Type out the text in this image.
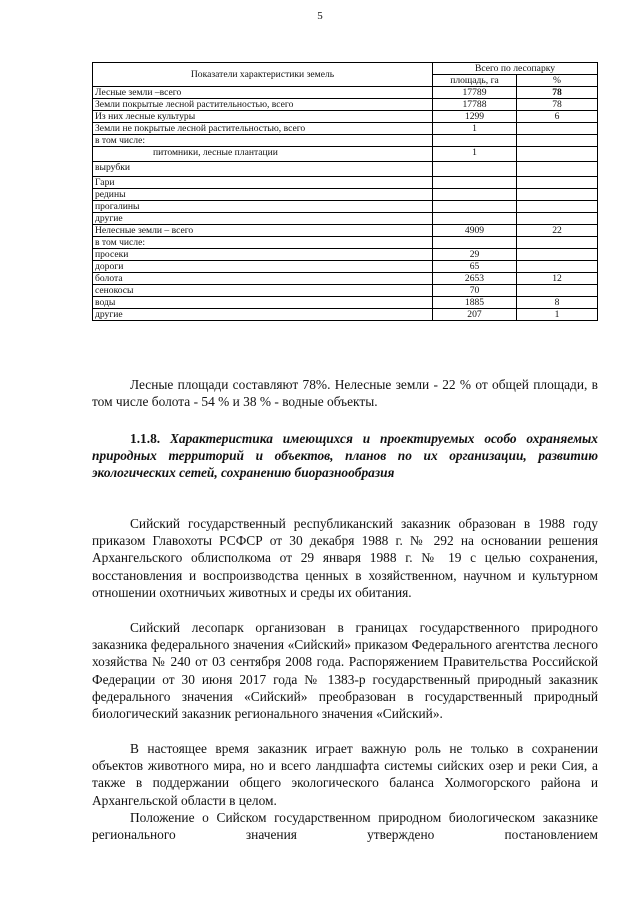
5
Показатели характеристики земель	Всего по лесопарку	
	площадь, га	%
Лесные земли –всего	17789	78
Земли покрытые лесной растительностью, всего	17788	78
Из них лесные культуры	1299	6
Земли не покрытые лесной растительностью, всего	1	
в том числе:		
питомники, лесные плантации	1	
вырубки		
Гари		
редины		
прогалины		
другие		
Нелесные земли – всего	4909	22
в том числе:		
просеки	29	
дороги	65	
болота	2653	12
сенокосы	70	
воды	1885	8
другие	207	1
Лесные площади составляют 78%. Нелесные земли - 22 % от общей площади, в том числе болота - 54 % и 38 % - водные объекты.
1.1.8. Характеристика имеющихся и проектируемых особо охраняемых природных территорий и объектов, планов по их организации, развитию экологических сетей, сохранению биоразнообразия
Сийский государственный республиканский заказник образован в 1988 году приказом Главохоты РСФСР от 30 декабря 1988 г. № 292 на основании решения Архангельского облисполкома от 29 января 1988 г. № 19 с целью сохранения, восстановления и воспроизводства ценных в хозяйственном, научном и культурном отношении охотничьих животных и среды их обитания.
Сийский лесопарк организован в границах государственного природного заказника федерального значения «Сийский» приказом Федерального агентства лесного хозяйства № 240 от 03 сентября 2008 года. Распоряжением Правительства Российской Федерации от 30 июня 2017 года № 1383-р государственный природный заказник федерального значения «Сийский» преобразован в государственный природный биологический заказник регионального значения «Сийский».
В настоящее время заказник играет важную роль не только в сохранении объектов животного мира, но и всего ландшафта системы сийских озер и реки Сия, а также в поддержании общего экологического баланса Холмогорского района и Архангельской области в целом.
Положение о Сийском государственном природном биологическом заказнике регионального значения утверждено постановлением
